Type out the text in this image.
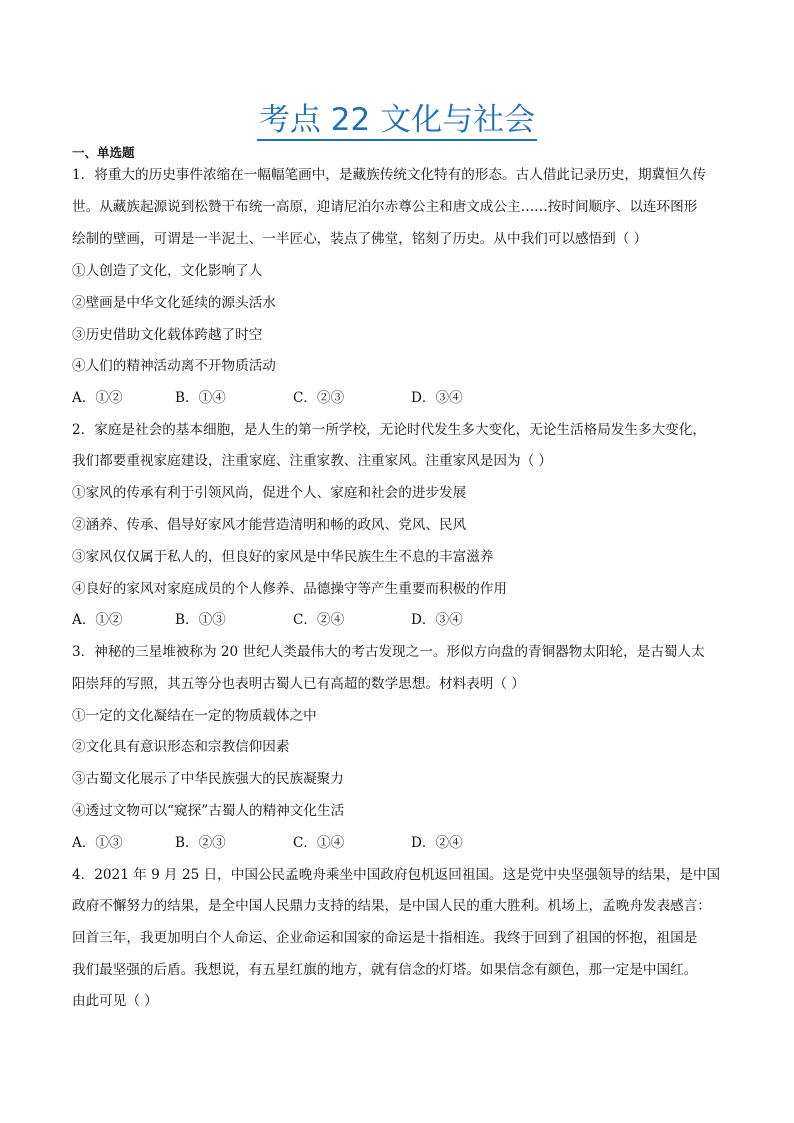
考点 22 文化与社会
一、单选题
1．将重大的历史事件浓缩在一幅幅笔画中，是藏族传统文化特有的形态。古人借此记录历史，期冀恒久传
世。从藏族起源说到松赞干布统一高原，迎请尼泊尔赤尊公主和唐文成公主……按时间顺序、以连环图形
绘制的壁画，可谓是一半泥土、一半匠心，装点了佛堂，铭刻了历史。从中我们可以感悟到（ ）
①人创造了文化，文化影响了人
②壁画是中华文化延续的源头活水
③历史借助文化载体跨越了时空
④人们的精神活动离不开物质活动
A．①②	B．①④	C．②③	D．③④
2．家庭是社会的基本细胞，是人生的第一所学校，无论时代发生多大变化，无论生活格局发生多大变化，
我们都要重视家庭建设，注重家庭、注重家教、注重家风。注重家风是因为（ ）
①家风的传承有利于引领风尚，促进个人、家庭和社会的进步发展
②涵养、传承、倡导好家风才能营造清明和畅的政风、党风、民风
③家风仅仅属于私人的，但良好的家风是中华民族生生不息的丰富滋养
④良好的家风对家庭成员的个人修养、品德操守等产生重要而积极的作用
A．①②	B．①③	C．②④	D．③④
3．神秘的三星堆被称为 20 世纪人类最伟大的考古发现之一。形似方向盘的青铜器物太阳轮，是古蜀人太
阳崇拜的写照，其五等分也表明古蜀人已有高超的数学思想。材料表明（ ）
①一定的文化凝结在一定的物质载体之中
②文化具有意识形态和宗教信仰因素
③古蜀文化展示了中华民族强大的民族凝聚力
④透过文物可以“窥探”古蜀人的精神文化生活
A．①③	B．②③	C．①④	D．②④
4．2021 年 9 月 25 日，中国公民孟晚舟乘坐中国政府包机返回祖国。这是党中央坚强领导的结果，是中国
政府不懈努力的结果，是全中国人民鼎力支持的结果，是中国人民的重大胜利。机场上，孟晚舟发表感言：
回首三年，我更加明白个人命运、企业命运和国家的命运是十指相连。我终于回到了祖国的怀抱，祖国是
我们最坚强的后盾。我想说，有五星红旗的地方，就有信念的灯塔。如果信念有颜色，那一定是中国红。
由此可见（ ）
